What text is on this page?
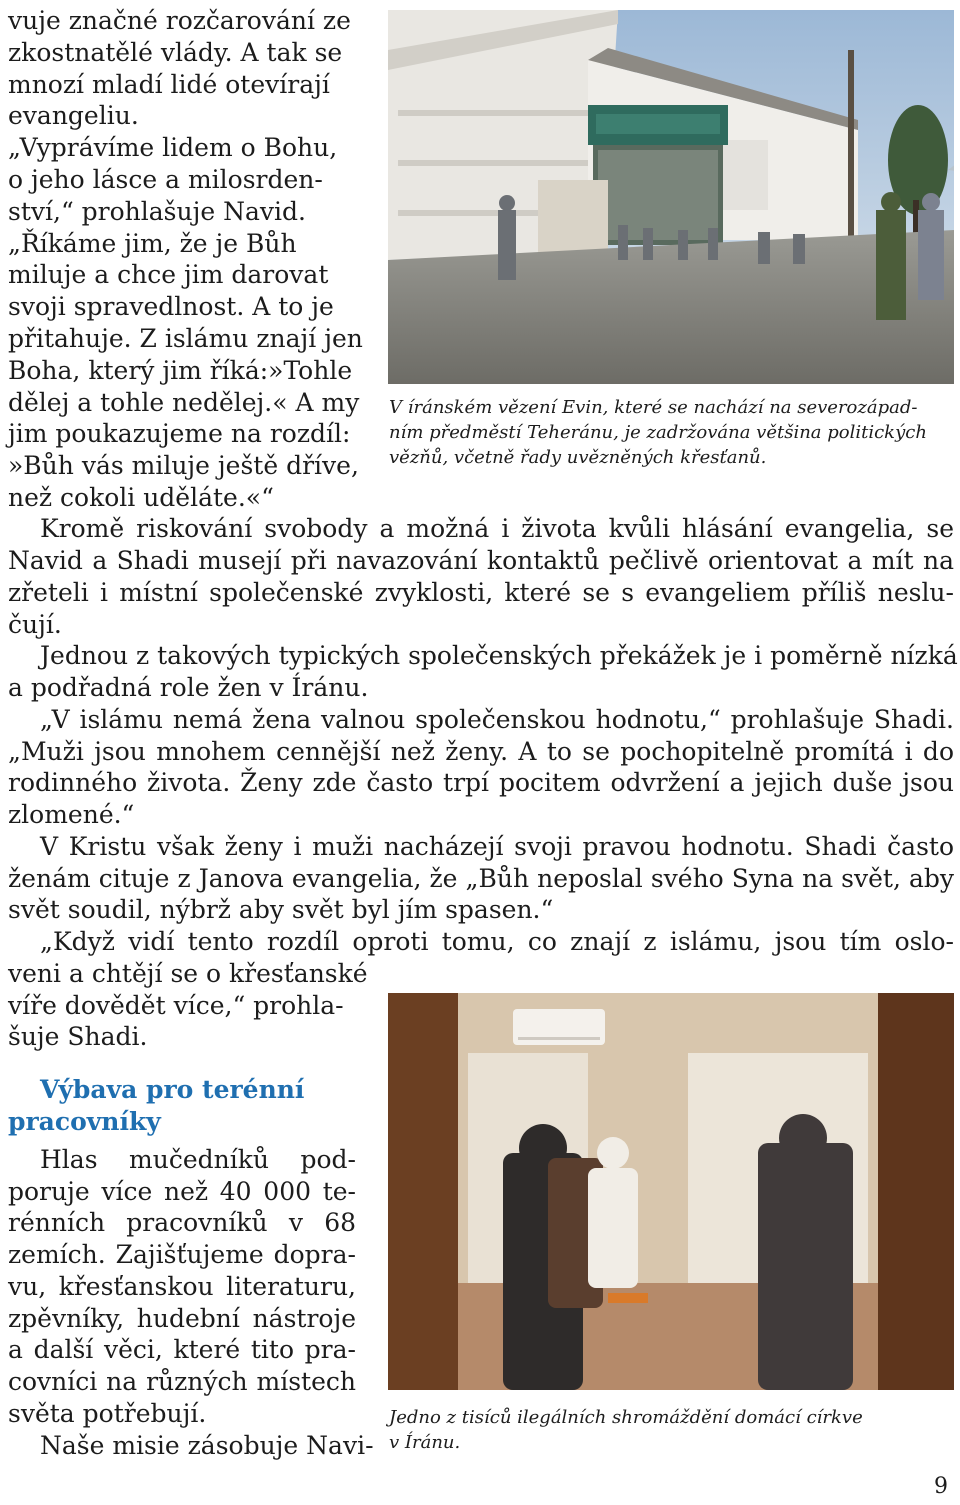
vuje značné rozčarování ze
zkostnatělé vlády. A tak se
mnozí mladí lidé otevírají
evangeliu.
„Vyprávíme lidem o Bohu,
o jeho lásce a milosrden-
ství,“ prohlašuje Navid.
„Říkáme jim, že je Bůh
miluje a chce jim darovat
svoji spravedlnost. A to je
přitahuje. Z islámu znají jen
Boha, který jim říká:»Tohle
dělej a tohle nedělej.« A my
jim poukazujeme na rozdíl:
»Bůh vás miluje ještě dříve,
než cokoli uděláte.«“
V íránském vězení Evin, které se nachází na severozápad-
ním předměstí Teheránu, je zadržována většina politických
vězňů, včetně řady uvězněných křesťanů.
Kromě riskování svobody a možná i života kvůli hlásání evangelia, se
Navid a Shadi musejí při navazování kontaktů pečlivě orientovat a mít na
zřeteli i místní společenské zvyklosti, které se s evangeliem příliš neslu-
čují.
Jednou z takových typických společenských překážek je i poměrně nízká
a podřadná role žen v Íránu.
„V islámu nemá žena valnou společenskou hodnotu,“ prohlašuje Shadi.
„Muži jsou mnohem cennější než ženy. A to se pochopitelně promítá i do
rodinného života. Ženy zde často trpí pocitem odvržení a jejich duše jsou
zlomené.“
V Kristu však ženy i muži nacházejí svoji pravou hodnotu. Shadi často
ženám cituje z Janova evangelia, že „Bůh neposlal svého Syna na svět, aby
svět soudil, nýbrž aby svět byl jím spasen.“
„Když vidí tento rozdíl oproti tomu, co znají z islámu, jsou tím oslo-
veni a chtějí se o křesťanské
víře dovědět více,“ prohla-
šuje Shadi.
Výbava pro terénní
pracovníky
Hlas mučedníků pod-
poruje více než 40 000 te-
rénních pracovníků v 68
zemích. Zajišťujeme dopra-
vu, křesťanskou literaturu,
zpěvníky, hudební nástroje
a další věci, které tito pra-
covníci na různých místech
světa potřebují.
Naše misie zásobuje Navi-
Jedno z tisíců ilegálních shromáždění domácí církve
v Íránu.
9
